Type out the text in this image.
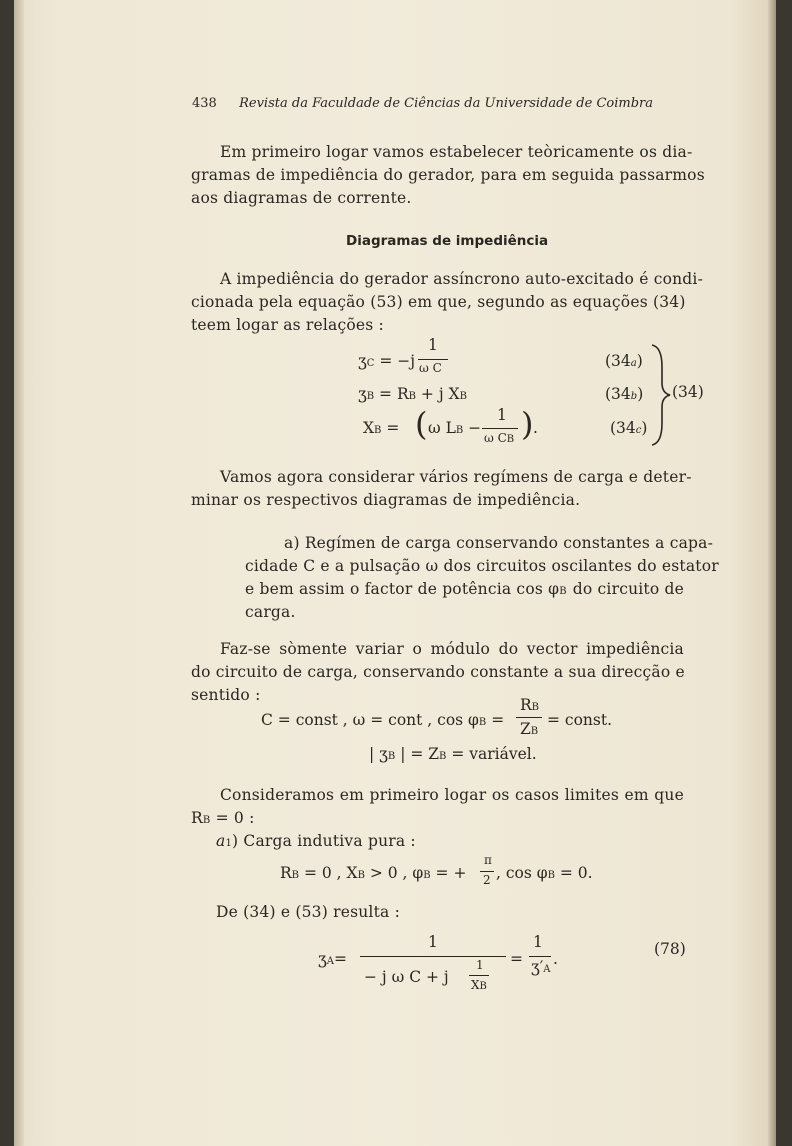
438 Revista da Faculdade de Ciências da Universidade de Coimbra
Em primeiro logar vamos estabelecer teòricamente os dia-
gramas de impediência do gerador, para em seguida passarmos
aos diagramas de corrente.
Diagramas de impediência
A impediência do gerador assíncrono auto-excitado é condi-
cionada pela equação (53) em que, segundo as equações (34)
teem logar as relações :
ʒC = −j
1
ω C	(34a)
ʒB = RB + j XB	(34b)
XB = ( ω LB −
1
ω CB ) .	(34c)
(34)
Vamos agora considerar vários regímens de carga e deter-
minar os respectivos diagramas de impediência.
a) Regímen de carga conservando constantes a capa-
cidade C e a pulsação ω dos circuitos oscilantes do estator
e bem assim o factor de potência cos φB do circuito de
carga.
Faz-se sòmente variar o módulo do vector impediência
do circuito de carga, conservando constante a sua direcção e
sentido :
C = const , ω = cont , cos φB =
RB
ZB
= const.
| ʒB | = ZB = variável.
Consideramos em primeiro logar os casos limites em que
RB = 0 :
a1) Carga indutiva pura :
RB = 0 , XB > 0 , φB = +
π
2 , cos φB = 0.
De (34) e (53) resulta :
ʒA=
1
− j ω C + j
1
XB
=
1
ʒ′A
.
(78)
